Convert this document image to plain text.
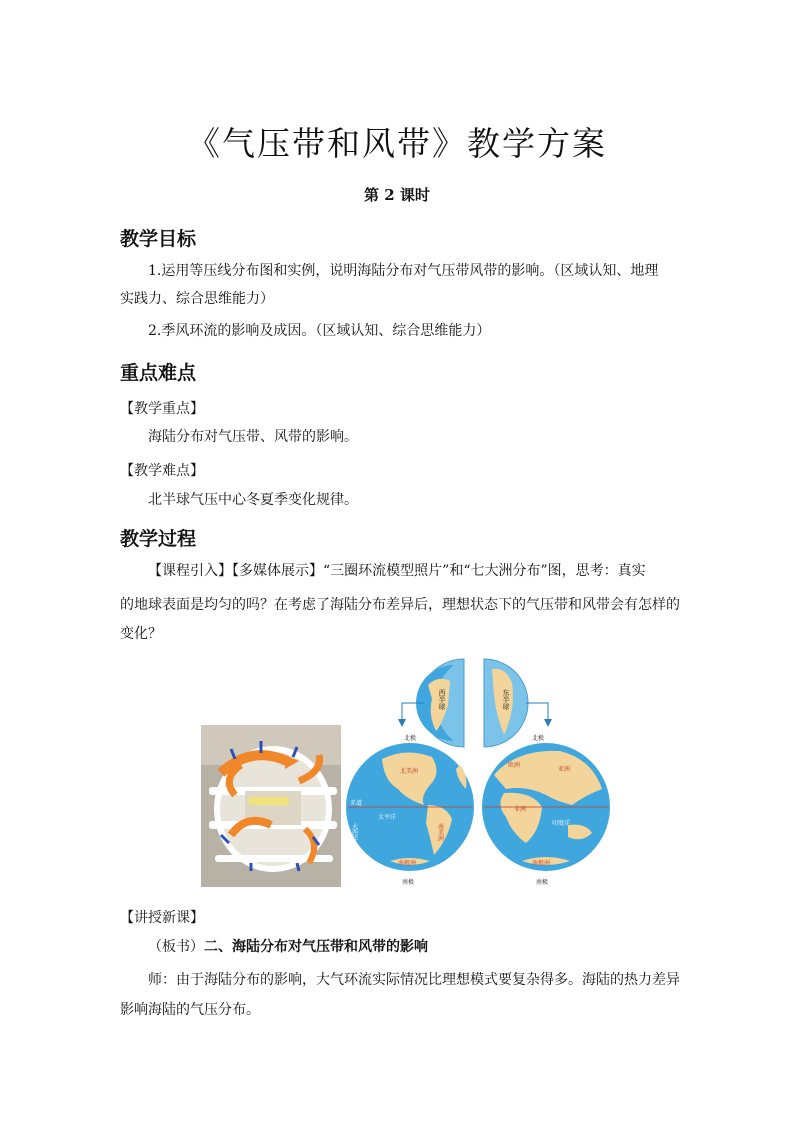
《气压带和风带》教学方案
第 2 课时
教学目标
1.运用等压线分布图和实例，说明海陆分布对气压带风带的影响。（区域认知、地理
实践力、综合思维能力）
2.季风环流的影响及成因。（区域认知、综合思维能力）
重点难点
【教学重点】
海陆分布对气压带、风带的影响。
【教学难点】
北半球气压中心冬夏季变化规律。
教学过程
【课程引入】【多媒体展示】“三圈环流模型照片”和“七大洲分布”图，思考：真实
的地球表面是均匀的吗？在考虑了海陆分布差异后，理想状态下的气压带和风带会有怎样的
变化？
西半球	东半球
北极	北极
南极	南极
赤道
北美洲
南美洲
南极洲
太平洋
大西洋
欧洲
亚洲
非洲
印度洋
南极洲
【讲授新课】
（板书）二、海陆分布对气压带和风带的影响
师：由于海陆分布的影响，大气环流实际情况比理想模式要复杂得多。海陆的热力差异
影响海陆的气压分布。
